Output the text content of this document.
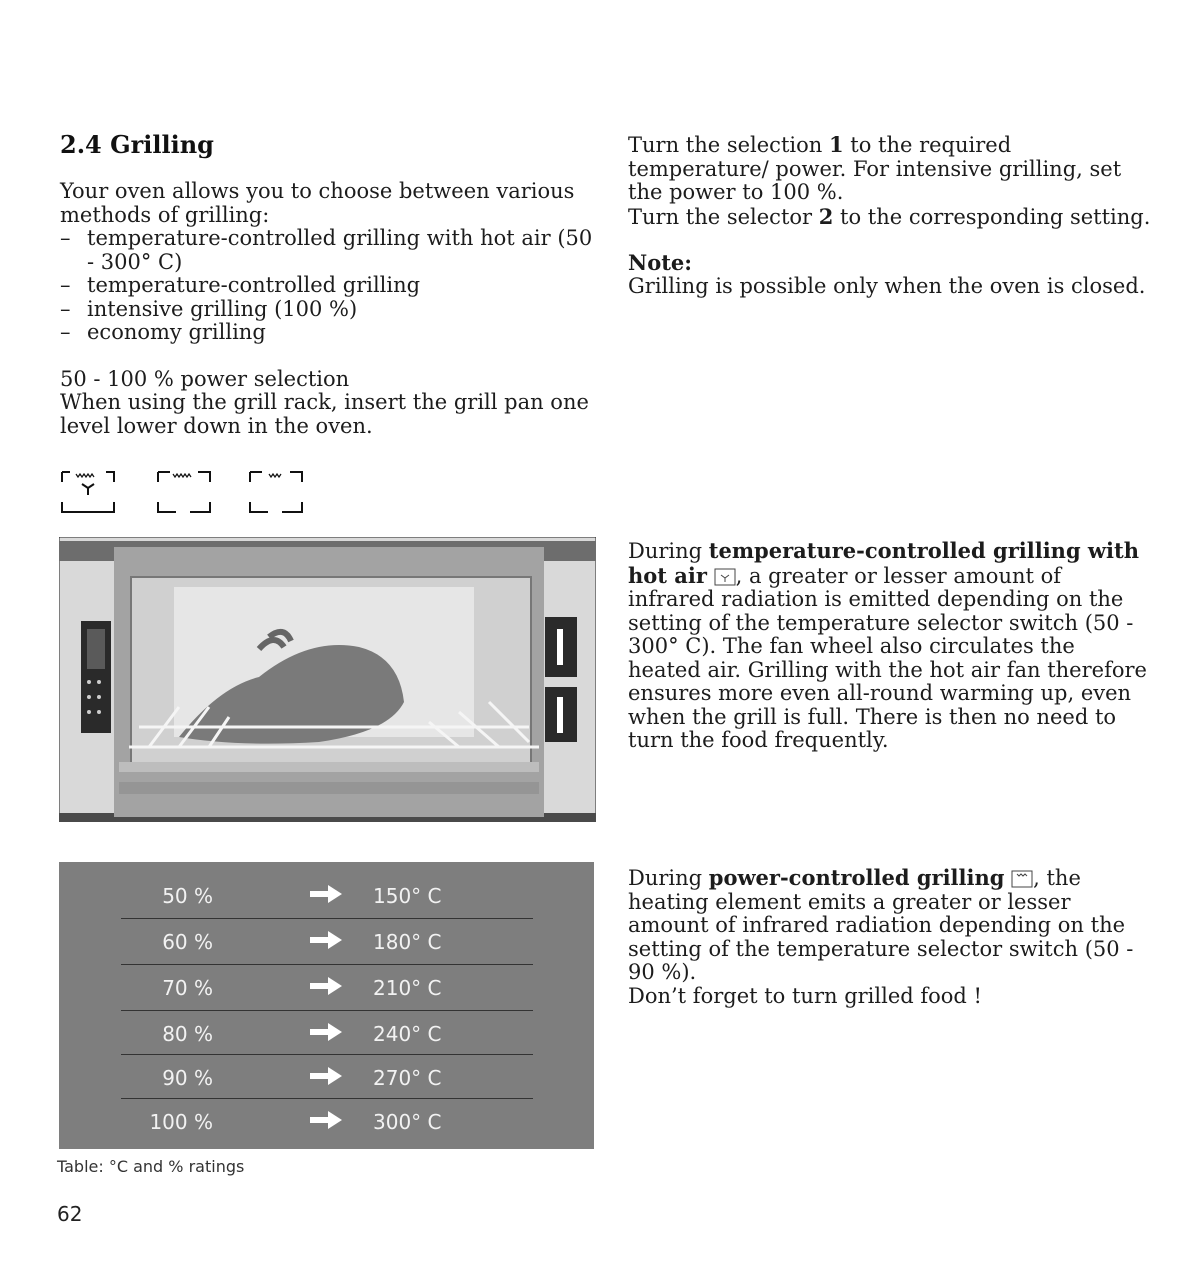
2.4 Grilling
Your oven allows you to choose between various methods of grilling:
– temperature-controlled grilling with hot air (50 - 300° C)
– temperature-controlled grilling
– intensive grilling (100 %)
– economy grilling
50 - 100 % power selection
When using the grill rack, insert the grill pan one level lower down in the oven.
50 %	150° C
60 %	180° C
70 %	210° C
80 %	240° C
90 %	270° C
100 %	300° C
Table: °C and % ratings
62
Turn the selection 1 to the required temperature/ power. For intensive grilling, set the power to 100 %.
Turn the selector 2 to the corresponding setting.
Note:
Grilling is possible only when the oven is closed.
During temperature-controlled grilling with hot air , a greater or lesser amount of infrared radiation is emitted depending on the setting of the temperature selector switch (50 - 300° C). The fan wheel also circulates the heated air. Grilling with the hot air fan therefore ensures more even all-round warming up, even when the grill is full. There is then no need to turn the food frequently.
During power-controlled grilling , the heating element emits a greater or lesser amount of infrared radiation depending on the setting of the temperature selector switch (50 - 90 %).
Don’t forget to turn grilled food !
